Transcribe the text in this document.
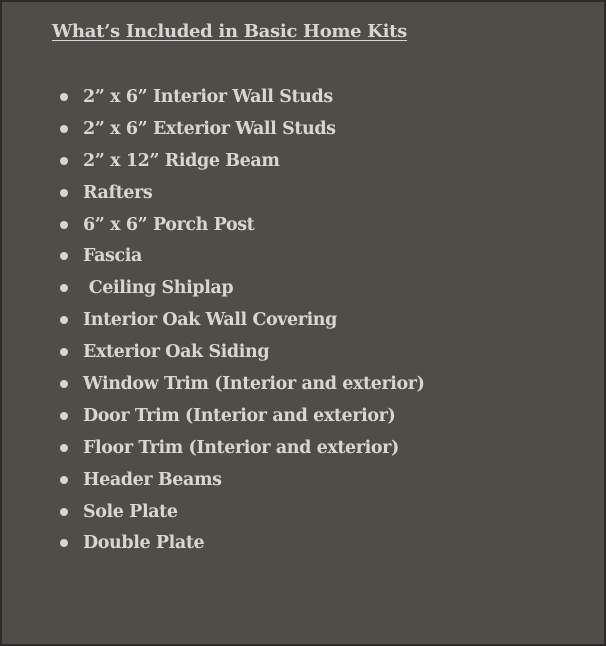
What’s Included in Basic Home Kits
2” x 6” Interior Wall Studs
2” x 6” Exterior Wall Studs
2” x 12” Ridge Beam
Rafters
6” x 6” Porch Post
Fascia
Ceiling Shiplap
Interior Oak Wall Covering
Exterior Oak Siding
Window Trim (Interior and exterior)
Door Trim (Interior and exterior)
Floor Trim (Interior and exterior)
Header Beams
Sole Plate
Double Plate
